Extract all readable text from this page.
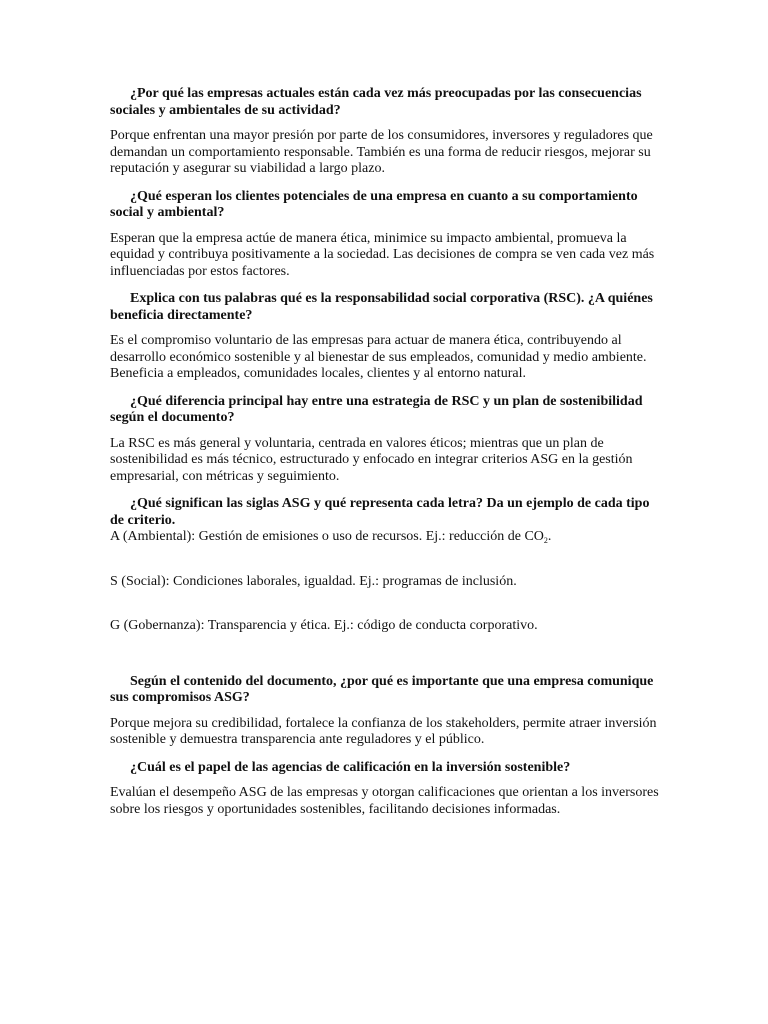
¿Por qué las empresas actuales están cada vez más preocupadas por las consecuencias sociales y ambientales de su actividad?

Porque enfrentan una mayor presión por parte de los consumidores, inversores y reguladores que demandan un comportamiento responsable. También es una forma de reducir riesgos, mejorar su reputación y asegurar su viabilidad a largo plazo.

¿Qué esperan los clientes potenciales de una empresa en cuanto a su comportamiento social y ambiental?

Esperan que la empresa actúe de manera ética, minimice su impacto ambiental, promueva la equidad y contribuya positivamente a la sociedad. Las decisiones de compra se ven cada vez más influenciadas por estos factores.

Explica con tus palabras qué es la responsabilidad social corporativa (RSC). ¿A quiénes beneficia directamente?

Es el compromiso voluntario de las empresas para actuar de manera ética, contribuyendo al desarrollo económico sostenible y al bienestar de sus empleados, comunidad y medio ambiente. Beneficia a empleados, comunidades locales, clientes y al entorno natural.

¿Qué diferencia principal hay entre una estrategia de RSC y un plan de sostenibilidad según el documento?

La RSC es más general y voluntaria, centrada en valores éticos; mientras que un plan de sostenibilidad es más técnico, estructurado y enfocado en integrar criterios ASG en la gestión empresarial, con métricas y seguimiento.

¿Qué significan las siglas ASG y qué representa cada letra? Da un ejemplo de cada tipo de criterio.

A (Ambiental): Gestión de emisiones o uso de recursos. Ej.: reducción de $CO_2$.

S (Social): Condiciones laborales, igualdad. Ej.: programas de inclusión.

G (Gobernanza): Transparencia y ética. Ej.: código de conducta corporativo.

Según el contenido del documento, ¿por qué es importante que una empresa comunique sus compromisos ASG?

Porque mejora su credibilidad, fortalece la confianza de los stakeholders, permite atraer inversión sostenible y demuestra transparencia ante reguladores y el público.

¿Cuál es el papel de las agencias de calificación en la inversión sostenible?

Evalúan el desempeño ASG de las empresas y otorgan calificaciones que orientan a los inversores sobre los riesgos y oportunidades sostenibles, facilitando decisiones informadas.
